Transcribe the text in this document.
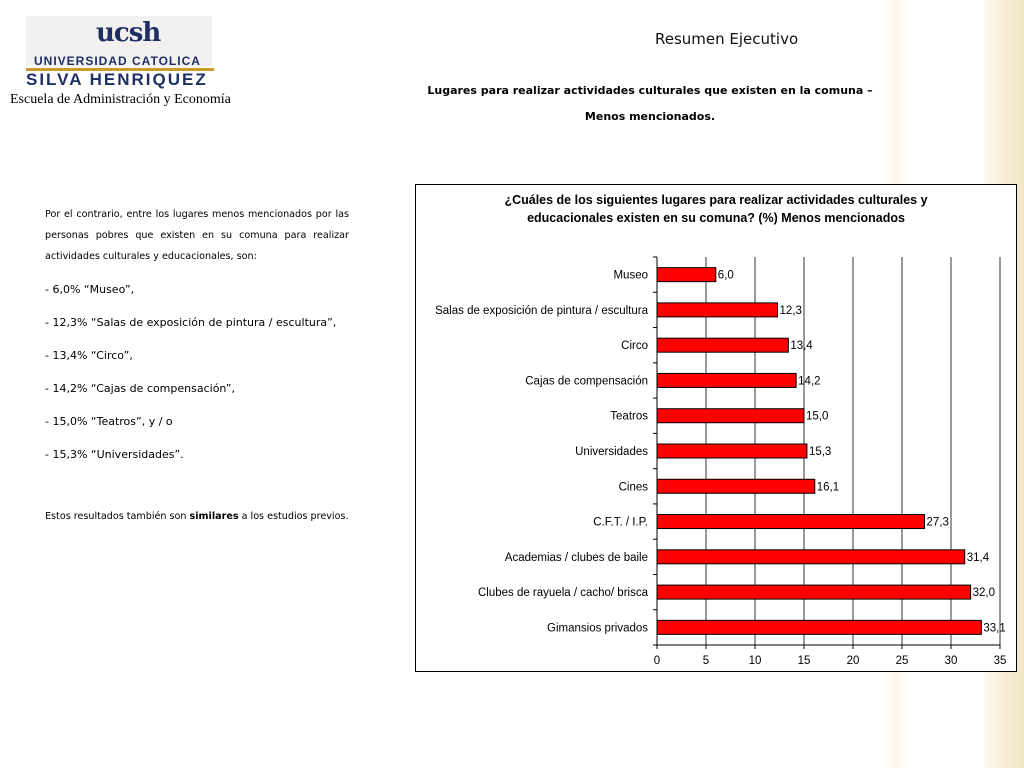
ucsh
UNIVERSIDAD CATOLICA
SILVA HENRIQUEZ
Escuela de Administración y Economía
Resumen Ejecutivo
Lugares para realizar actividades culturales que existen en la comuna –
Menos mencionados.

Por el contrario, entre los lugares menos mencionados por las personas pobres que existen en su comuna para realizar actividades culturales y educacionales, son:

- 6,0% “Museo”,

- 12,3% “Salas de exposición de pintura / escultura”,

- 13,4% “Circo”,

- 14,2% “Cajas de compensación”,

- 15,0% “Teatros”, y / o

- 15,3% “Universidades”.

Estos resultados también son similares a los estudios previos.

¿Cuáles de los siguientes lugares para realizar actividades culturales y
educacionales existen en su comuna? (%) Menos mencionados
0	5	10	15	20	25	30	35
Museo	6,0
Salas de exposición de pintura / escultura	12,3
Circo	13,4
Cajas de compensación	14,2
Teatros	15,0
Universidades	15,3
Cines	16,1
C.F.T. / I.P.	27,3
Academias / clubes de baile	31,4
Clubes de rayuela / cacho/ brisca	32,0
Gimansios privados	33,1
